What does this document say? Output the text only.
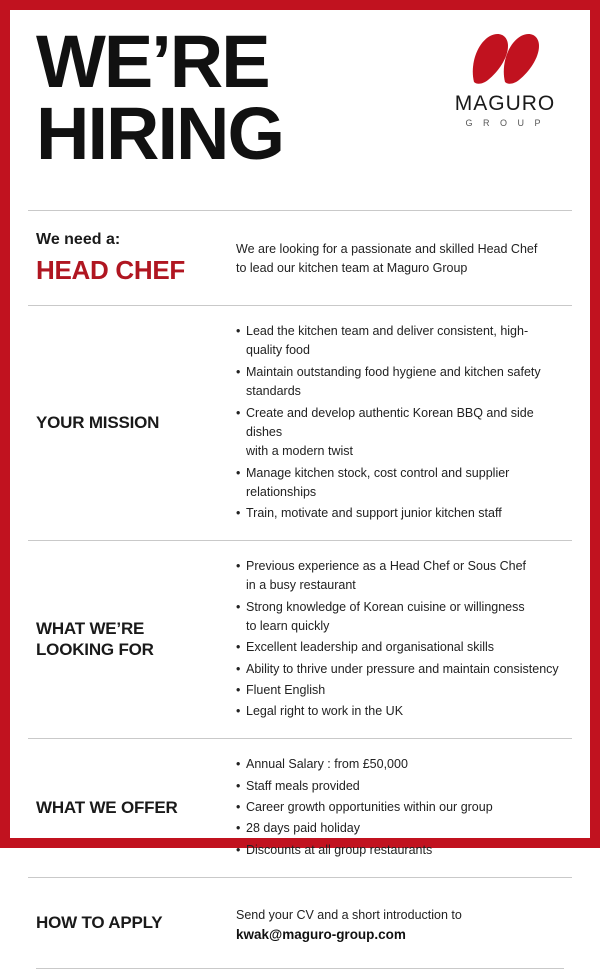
WE’RE
HIRING	MAGURO
G R O U P
We need a:
HEAD CHEF
We are looking for a passionate and skilled Head Chef
to lead our kitchen team at Maguro Group
YOUR MISSION
• Lead the kitchen team and deliver consistent, high-quality food
• Maintain outstanding food hygiene and kitchen safety standards
• Create and develop authentic Korean BBQ and side dishes
with a modern twist
• Manage kitchen stock, cost control and supplier relationships
• Train, motivate and support junior kitchen staff
WHAT WE’RE
LOOKING FOR
• Previous experience as a Head Chef or Sous Chef
in a busy restaurant
• Strong knowledge of Korean cuisine or willingness
to learn quickly
• Excellent leadership and organisational skills
• Ability to thrive under pressure and maintain consistency
• Fluent English
• Legal right to work in the UK
WHAT WE OFFER
• Annual Salary : from £50,000
• Staff meals provided
• Career growth opportunities within our group
• 28 days paid holiday
• Discounts at all group restaurants
HOW TO APPLY	Send your CV and a short introduction to
kwak@maguro-group.com
